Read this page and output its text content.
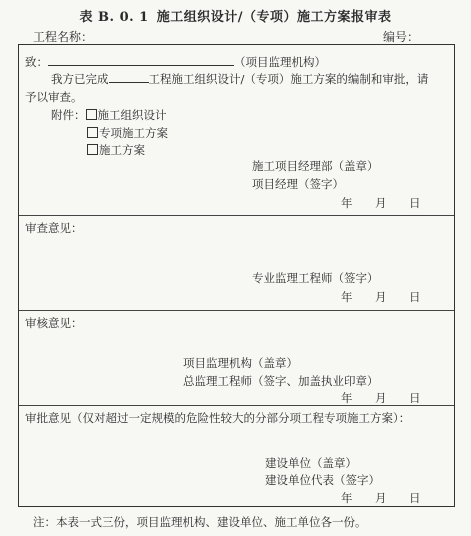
表 B. 0. 1 施工组织设计/（专项）施工方案报审表
工程名称：	编号：
致：	（项目监理机构）
我方已完成	工程施工组织设计/（专项）施工方案的编制和审批，请
予以审查。
附件： 施工组织设计
专项施工方案
施工方案
施工项目经理部（盖章）
项目经理（签字）
年 月 日
审查意见：
专业监理工程师（签字）
年 月 日
审核意见：
项目监理机构（盖章）
总监理工程师（签字、加盖执业印章）
年 月 日
审批意见（仅对超过一定规模的危险性较大的分部分项工程专项施工方案）：
建设单位（盖章）
建设单位代表（签字）
年 月 日
注：本表一式三份，项目监理机构、建设单位、施工单位各一份。
